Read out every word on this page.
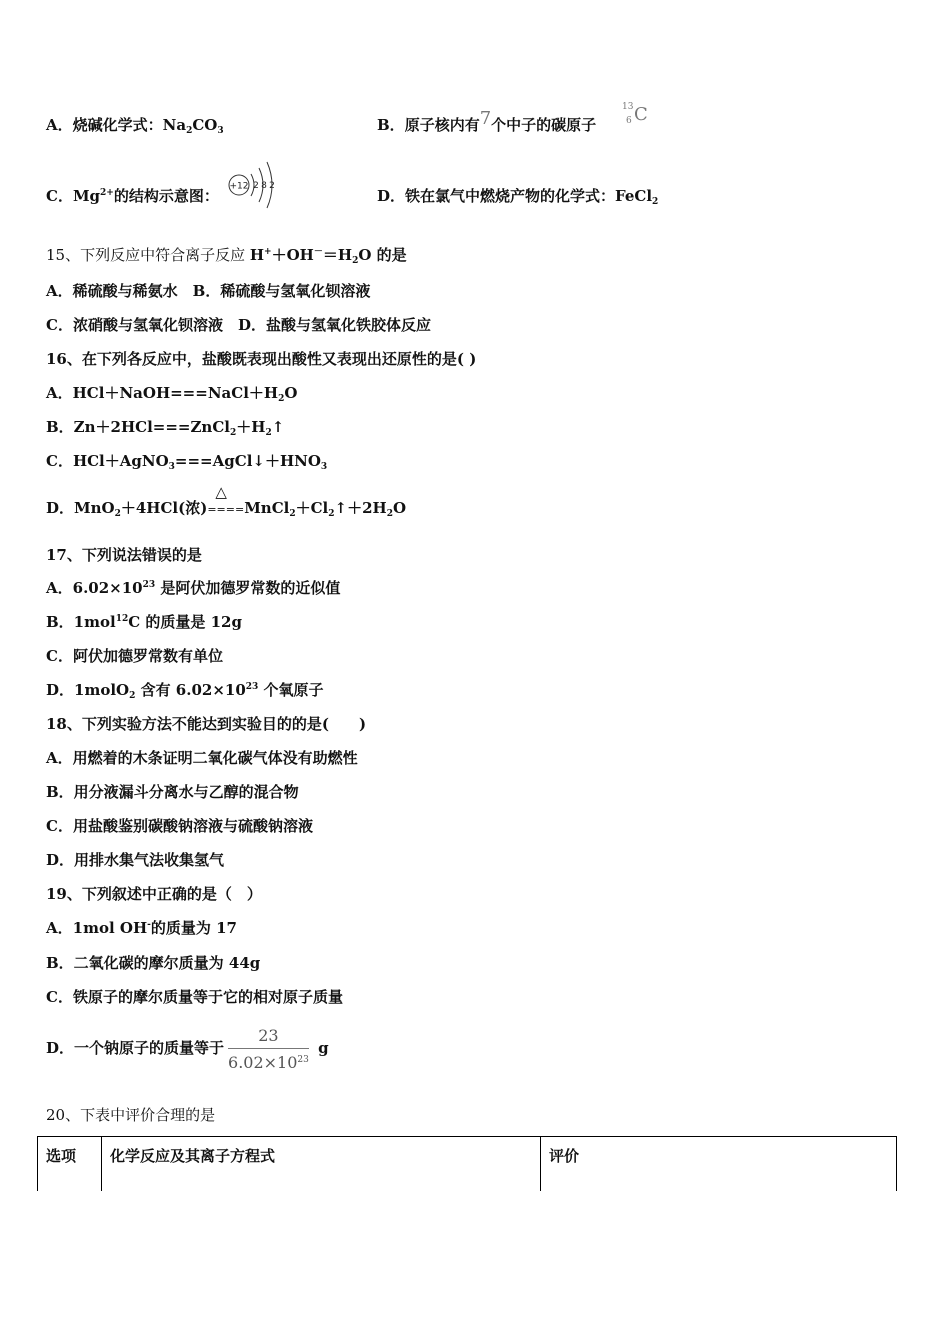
A．烧碱化学式：$Na_2CO_3$	B．原子核内有7个中子的碳原子
13
6 C
C．$Mg^{2+}$的结构示意图：
+12 2 8 2
D．铁在氯气中燃烧产物的化学式：FeCl$_2$
15、下列反应中符合离子反应 $H^++OH^-=H_2O$ 的是
A．稀硫酸与稀氨水　 B．稀硫酸与氢氧化钡溶液
C．浓硝酸与氢氧化钡溶液　 D．盐酸与氢氧化铁胶体反应
16、在下列各反应中，盐酸既表现出酸性又表现出还原性的是( )
A．$HCl+NaOH===NaCl+H_2O$
B．$Zn+2HCl===ZnCl_2+H_2↑$
C．$HCl+AgNO_3===AgCl↓+HNO_3$
D．MnO$_2$＋4HCl(浓)
△
$====MnCl_2+Cl_2↑+2H_2O$
17、下列说法错误的是
A．$6.02\times 10^{23}$ 是阿伏加德罗常数的近似值
B．1mol$^{12}$C 的质量是 12g
C．阿伏加德罗常数有单位
D．1molO$_2$ 含有 $6.02\times 10^{23}$ 个氧原子
18、下列实验方法不能达到实验目的的是(　　)
A．用燃着的木条证明二氧化碳气体没有助燃性
B．用分液漏斗分离水与乙醇的混合物
C．用盐酸鉴别碳酸钠溶液与硫酸钠溶液
D．用排水集气法收集氢气
19、下列叙述中正确的是（　）
A．1mol OH-的质量为 17
B．二氧化碳的摩尔质量为 44g
C．铁原子的摩尔质量等于它的相对原子质量
D．一个钠原子的质量等于 $\frac{23}{6.02\times 10^{23}}$ g
20、下表中评价合理的是
选项	化学反应及其离子方程式	评价
